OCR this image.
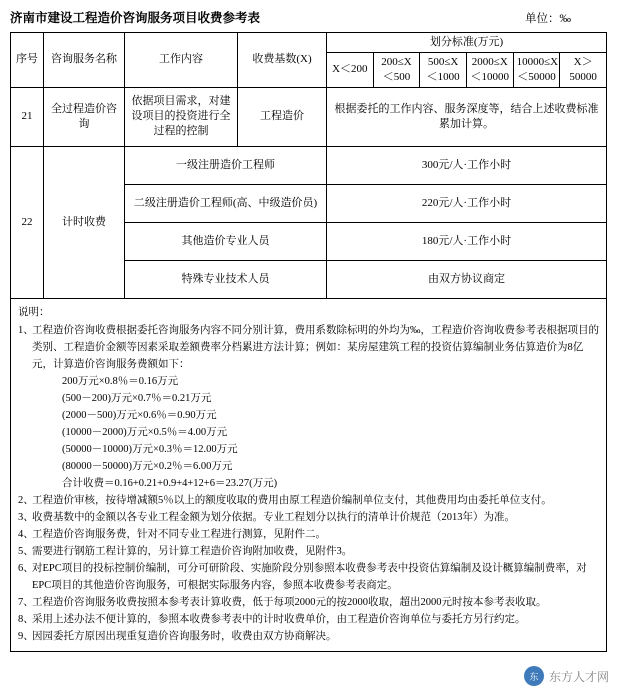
济南市建设工程造价咨询服务项目收费参考表	单位：‰
序号	咨询服务名称	工作内容	收费基数(X)	划分标准(万元)					
				X＜200	200≤X＜500	500≤X＜1000	2000≤X＜10000	10000≤X＜50000	X＞50000
21	全过程造价咨询	依据项目需求，对建设项目的投资进行全过程的控制	工程造价	根据委托的工作内容、服务深度等，结合上述收费标准累加计算。					
22	计时收费	一级注册造价工程师		300元/人·工作小时					
		二级注册造价工程师(高、中级造价员)		220元/人·工作小时					
		其他造价专业人员		180元/人·工作小时					
		特殊专业技术人员		由双方协议商定					
说明：
1、
工程造价咨询收费根据委托咨询服务内容不同分别计算，费用系数除标明的外均为‰，工程造价咨询收费参考表根据项目的类别、工程造价金额等因素采取差额费率分档累进方法计算；例如：某房屋建筑工程的投资估算编制业务估算造价为8亿元，计算造价咨询服务费额如下：
200万元×0.8％＝0.16万元
(500－200)万元×0.7％＝0.21万元
(2000－500)万元×0.6％＝0.90万元
(10000－2000)万元×0.5％＝4.00万元
(50000－10000)万元×0.3％＝12.00万元
(80000－50000)万元×0.2％＝6.00万元
合计收费＝0.16+0.21+0.9+4+12+6＝23.27(万元)
2、
工程造价审核，按待增减额5％以上的额度收取的费用由原工程造价编制单位支付，其他费用均由委托单位支付。
3、
收费基数中的金额以各专业工程金额为划分依据。专业工程划分以执行的清单计价规范（2013年）为准。
4、
工程造价咨询服务费，针对不同专业工程进行测算，见附件二。
5、
需要进行钢筋工程计算的，另计算工程造价咨询附加收费，见附件3。
6、
对EPC项目的投标控制价编制，可分可研阶段、实施阶段分别参照本收费参考表中投资估算编制及设计概算编制费率，对EPC项目的其他造价咨询服务，可根据实际服务内容，参照本收费参考表商定。
7、
工程造价咨询服务收费按照本参考表计算收费，低于每项2000元的按2000收取，超出2000元时按本参考表收取。
8、
采用上述办法不便计算的，参照本收费参考表中的计时收费单价，由工程造价咨询单位与委托方另行约定。
9、
因园委托方原因出现重复造价咨询服务时，收费由双方协商解决。
东 东方人才网
